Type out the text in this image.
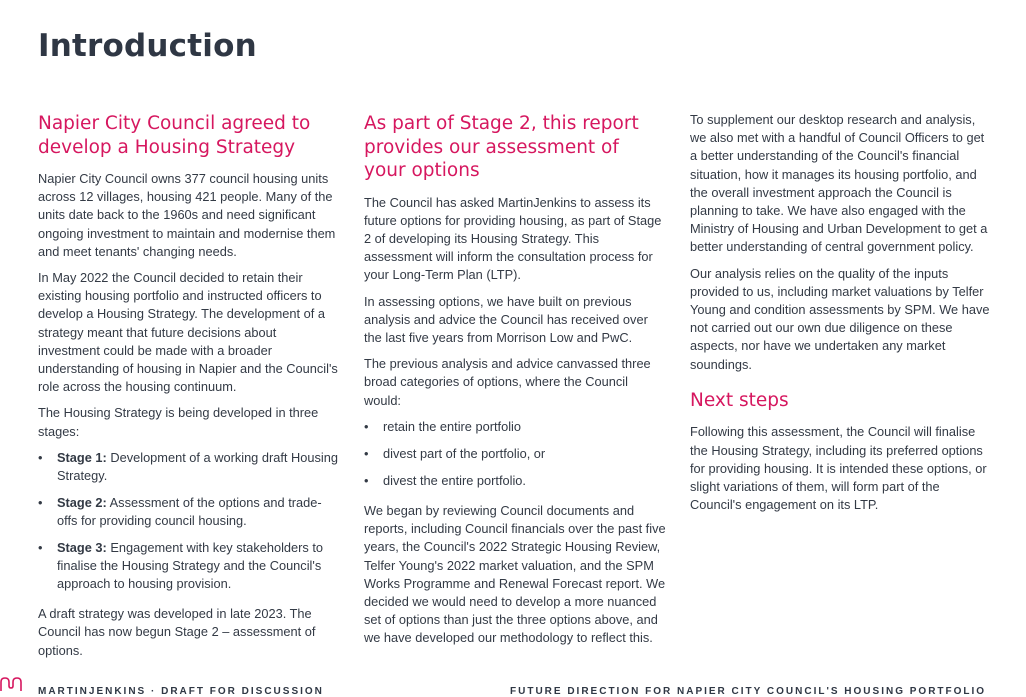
Introduction
Napier City Council agreed to develop a Housing Strategy

Napier City Council owns 377 council housing units across 12 villages, housing 421 people. Many of the units date back to the 1960s and need significant ongoing investment to maintain and modernise them and meet tenants' changing needs.

In May 2022 the Council decided to retain their existing housing portfolio and instructed officers to develop a Housing Strategy. The development of a strategy meant that future decisions about investment could be made with a broader understanding of housing in Napier and the Council's role across the housing continuum.

The Housing Strategy is being developed in three stages:

• Stage 1: Development of a working draft Housing Strategy.
• Stage 2: Assessment of the options and trade-offs for providing council housing.
• Stage 3: Engagement with key stakeholders to finalise the Housing Strategy and the Council's approach to housing provision.

A draft strategy was developed in late 2023. The Council has now begun Stage 2 – assessment of options.

As part of Stage 2, this report provides our assessment of your options

The Council has asked MartinJenkins to assess its future options for providing housing, as part of Stage 2 of developing its Housing Strategy. This assessment will inform the consultation process for your Long-Term Plan (LTP).

In assessing options, we have built on previous analysis and advice the Council has received over the last five years from Morrison Low and PwC.

The previous analysis and advice canvassed three broad categories of options, where the Council would:

• retain the entire portfolio
• divest part of the portfolio, or
• divest the entire portfolio.

We began by reviewing Council documents and reports, including Council financials over the past five years, the Council's 2022 Strategic Housing Review, Telfer Young's 2022 market valuation, and the SPM Works Programme and Renewal Forecast report. We decided we would need to develop a more nuanced set of options than just the three options above, and we have developed our methodology to reflect this.

To supplement our desktop research and analysis, we also met with a handful of Council Officers to get a better understanding of the Council's financial situation, how it manages its housing portfolio, and the overall investment approach the Council is planning to take. We have also engaged with the Ministry of Housing and Urban Development to get a better understanding of central government policy.

Our analysis relies on the quality of the inputs provided to us, including market valuations by Telfer Young and condition assessments by SPM. We have not carried out our own due diligence on these aspects, nor have we undertaken any market soundings.

Next steps

Following this assessment, the Council will finalise the Housing Strategy, including its preferred options for providing housing. It is intended these options, or slight variations of them, will form part of the Council's engagement on its LTP.

MARTINJENKINS · DRAFT FOR DISCUSSION	FUTURE DIRECTION FOR NAPIER CITY COUNCIL'S HOUSING PORTFOLIO
